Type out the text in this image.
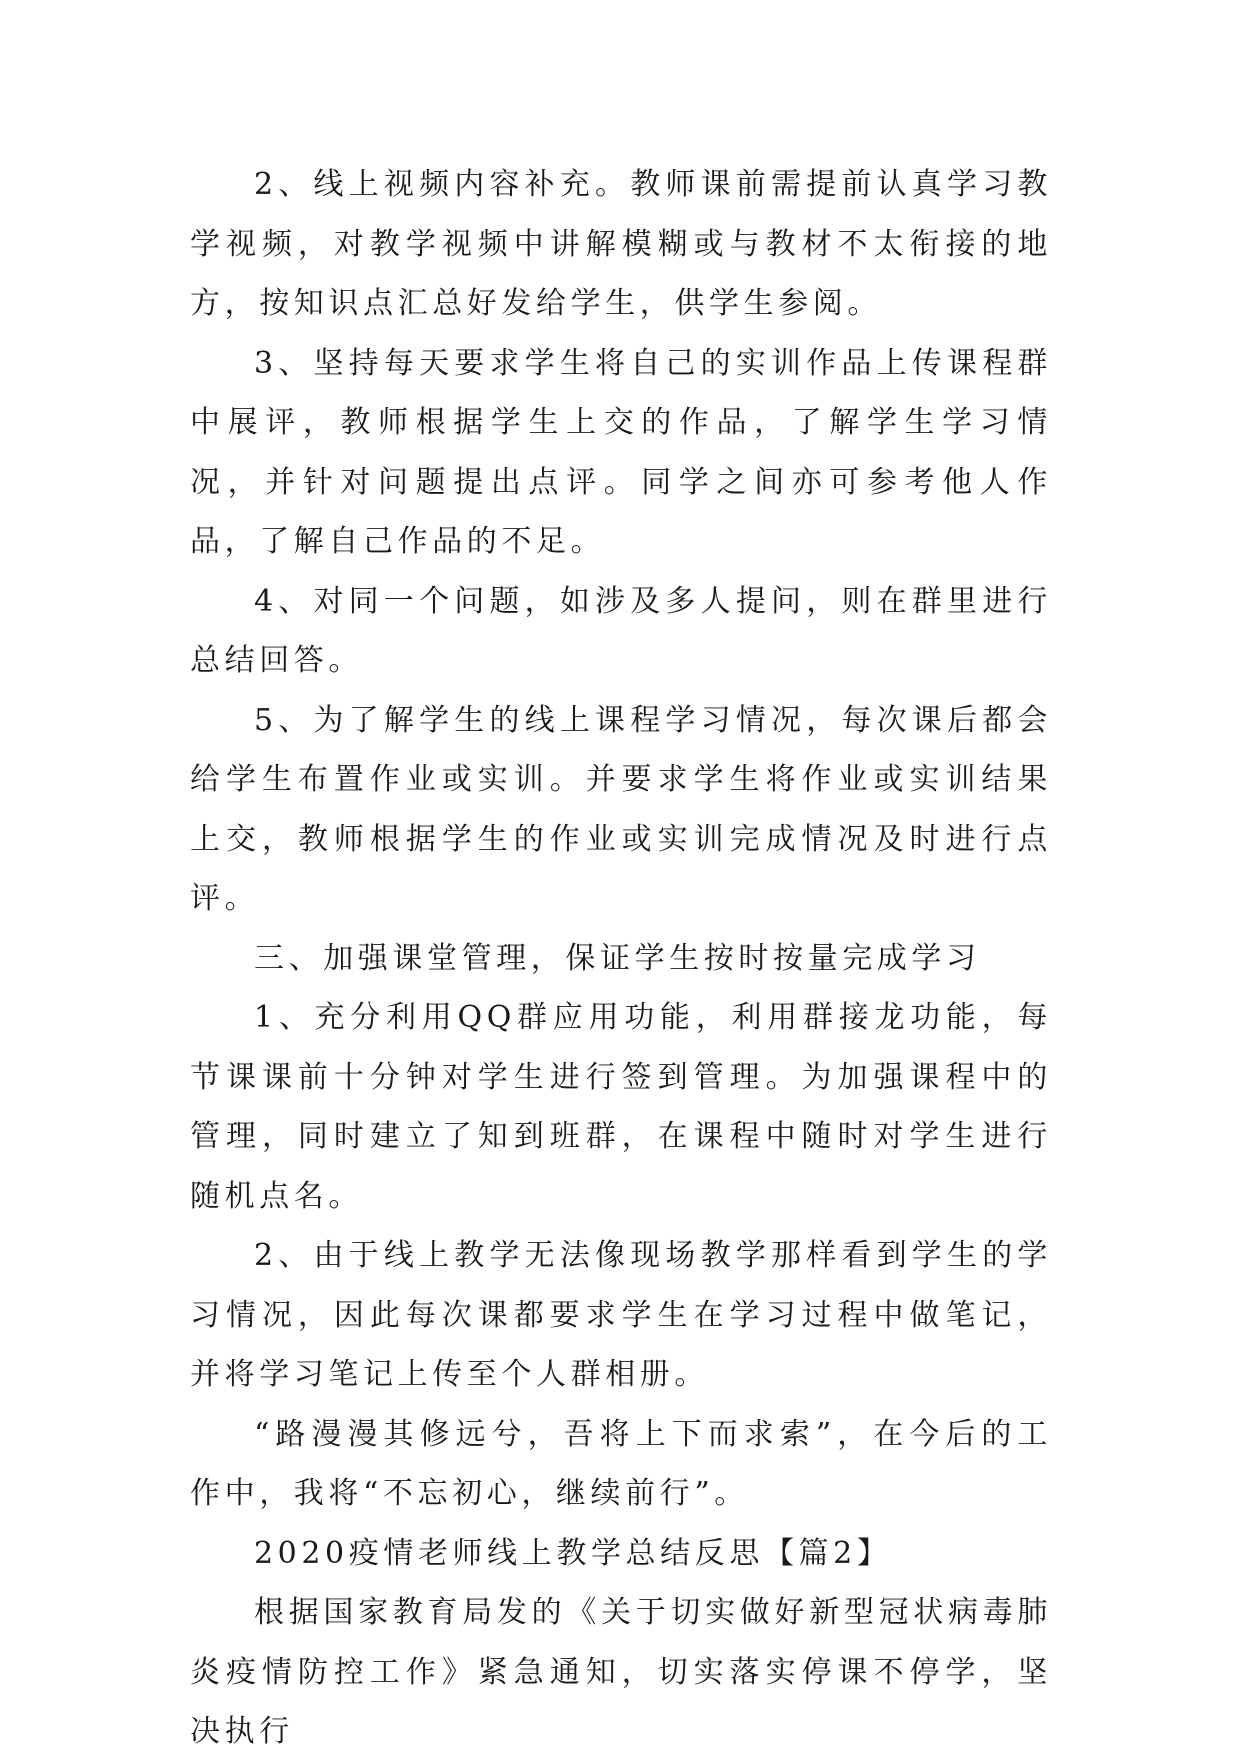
2、线上视频内容补充。教师课前需提前认真学习教学视频，对教学视频中讲解模糊或与教材不太衔接的地方，按知识点汇总好发给学生，供学生参阅。

3、坚持每天要求学生将自己的实训作品上传课程群中展评，教师根据学生上交的作品，了解学生学习情况，并针对问题提出点评。同学之间亦可参考他人作品，了解自己作品的不足。

4、对同一个问题，如涉及多人提问，则在群里进行总结回答。

5、为了解学生的线上课程学习情况，每次课后都会给学生布置作业或实训。并要求学生将作业或实训结果上交，教师根据学生的作业或实训完成情况及时进行点评。

三、加强课堂管理，保证学生按时按量完成学习

1、充分利用QQ群应用功能，利用群接龙功能，每节课课前十分钟对学生进行签到管理。为加强课程中的管理，同时建立了知到班群，在课程中随时对学生进行随机点名。

2、由于线上教学无法像现场教学那样看到学生的学习情况，因此每次课都要求学生在学习过程中做笔记，并将学习笔记上传至个人群相册。

“路漫漫其修远兮，吾将上下而求索”，在今后的工作中，我将“不忘初心，继续前行”。

2020疫情老师线上教学总结反思【篇2】

根据国家教育局发的《关于切实做好新型冠状病毒肺炎疫情防控工作》紧急通知，切实落实停课不停学，坚决执行
